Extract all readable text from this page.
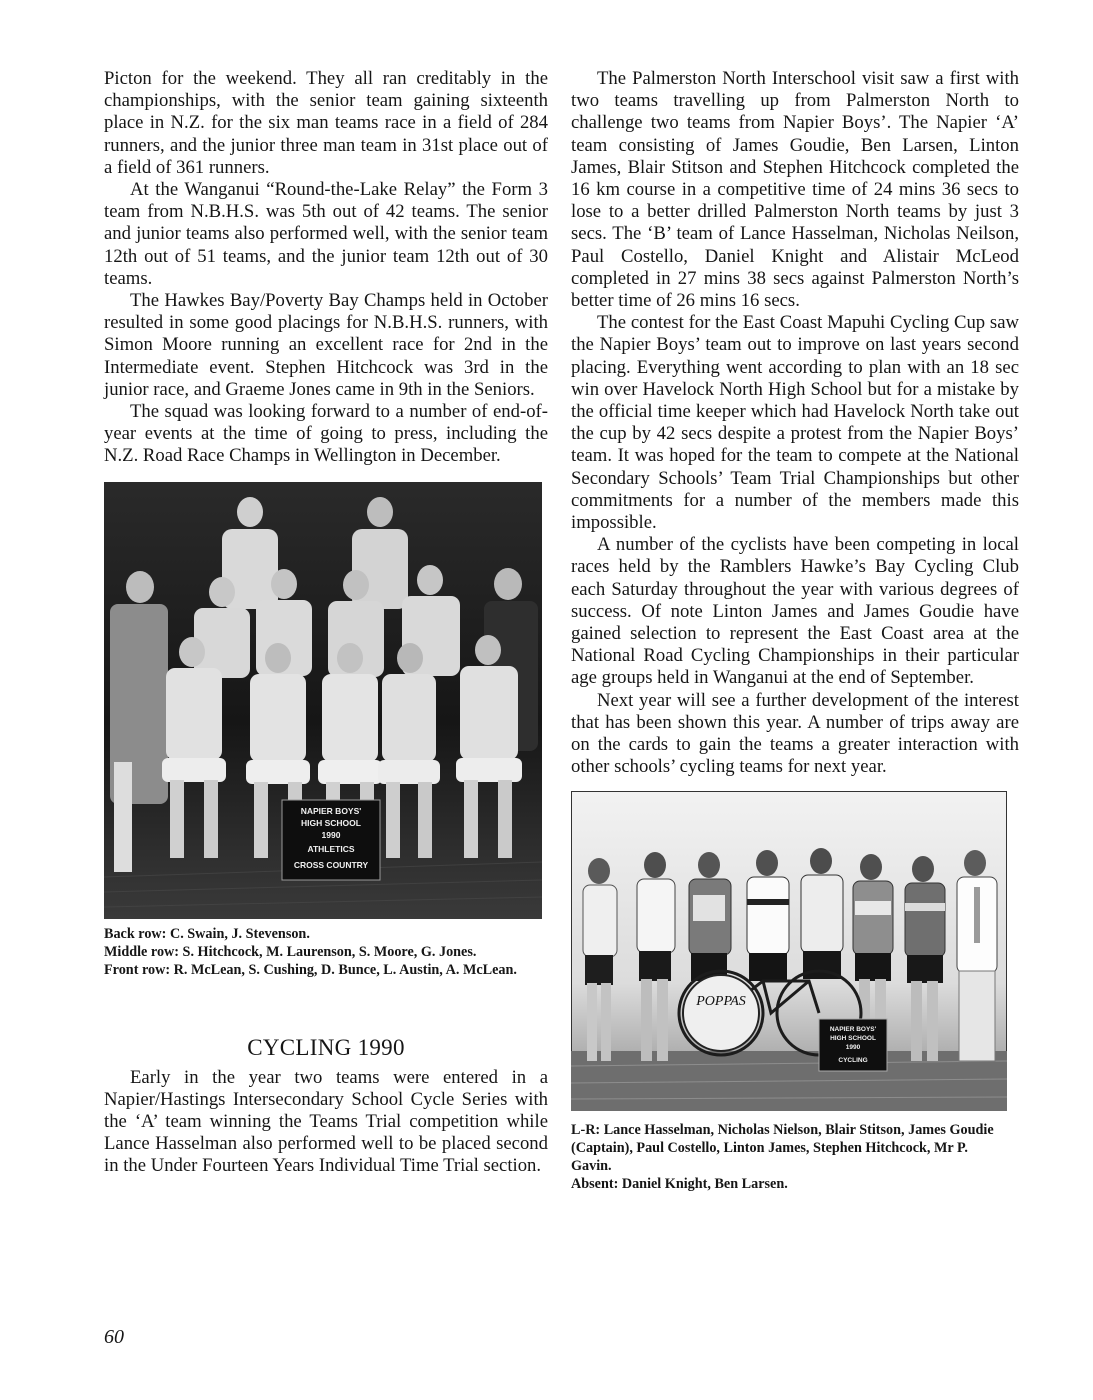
Picton for the weekend. They all ran creditably in the championships, with the senior team gaining sixteenth place in N.Z. for the six man teams race in a field of 284 runners, and the junior three man team in 31st place out of a field of 361 runners.

At the Wanganui “Round-the-Lake Relay” the Form 3 team from N.B.H.S. was 5th out of 42 teams. The senior and junior teams also performed well, with the senior team 12th out of 51 teams, and the junior team 12th out of 30 teams.

The Hawkes Bay/Poverty Bay Champs held in October resulted in some good placings for N.B.H.S. runners, with Simon Moore running an excellent race for 2nd in the Intermediate event. Stephen Hitchcock was 3rd in the junior race, and Graeme Jones came in 9th in the Seniors.

The squad was looking forward to a number of end-of-year events at the time of going to press, including the N.Z. Road Race Champs in Wellington in December.

NAPIER BOYS'
HIGH SCHOOL
1990
ATHLETICS
CROSS COUNTRY

Back row: C. Swain, J. Stevenson.
Middle row: S. Hitchcock, M. Laurenson, S. Moore, G. Jones.
Front row: R. McLean, S. Cushing, D. Bunce, L. Austin, A. McLean.

CYCLING 1990

Early in the year two teams were entered in a Napier/Hastings Intersecondary School Cycle Series with the ‘A’ team winning the Teams Trial competition while Lance Hasselman also performed well to be placed second in the Under Fourteen Years Individual Time Trial section.

The Palmerston North Interschool visit saw a first with two teams travelling up from Palmerston North to challenge two teams from Napier Boys’. The Napier ‘A’ team consisting of James Goudie, Ben Larsen, Linton James, Blair Stitson and Stephen Hitchcock completed the 16 km course in a competitive time of 24 mins 36 secs to lose to a better drilled Palmerston North teams by just 3 secs. The ‘B’ team of Lance Hasselman, Nicholas Neilson, Paul Costello, Daniel Knight and Alistair McLeod completed in 27 mins 38 secs against Palmerston North’s better time of 26 mins 16 secs.

The contest for the East Coast Mapuhi Cycling Cup saw the Napier Boys’ team out to improve on last years second placing. Everything went according to plan with an 18 sec win over Havelock North High School but for a mistake by the official time keeper which had Havelock North take out the cup by 42 secs despite a protest from the Napier Boys’ team. It was hoped for the team to compete at the National Secondary Schools’ Team Trial Championships but other commitments for a number of the members made this impossible.

A number of the cyclists have been competing in local races held by the Ramblers Hawke’s Bay Cycling Club each Saturday throughout the year with various degrees of success. Of note Linton James and James Goudie have gained selection to represent the East Coast area at the National Road Cycling Championships in their particular age groups held in Wanganui at the end of September.

Next year will see a further development of the interest that has been shown this year. A number of trips away are on the cards to gain the teams a greater interaction with other schools’ cycling teams for next year.

POPPAS
NAPIER BOYS'
HIGH SCHOOL
1990
CYCLING

L-R: Lance Hasselman, Nicholas Nielson, Blair Stitson, James Goudie (Captain), Paul Costello, Linton James, Stephen Hitchcock, Mr P. Gavin.
Absent: Daniel Knight, Ben Larsen.

60
